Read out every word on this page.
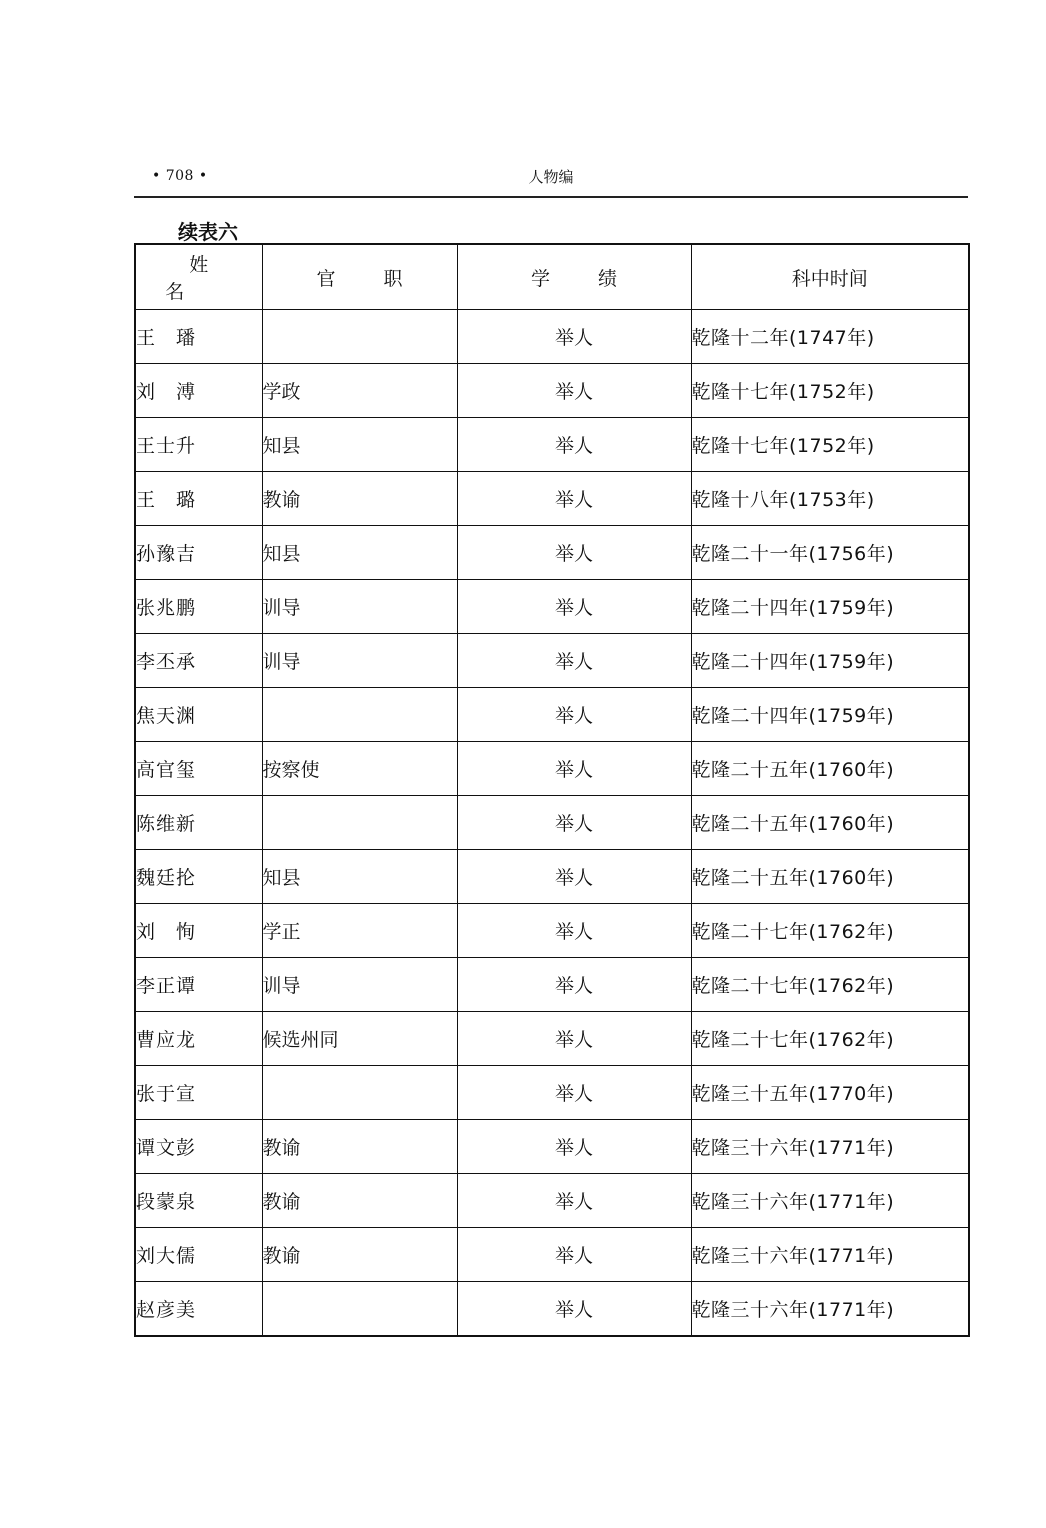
• 708 •	人物编
续表六
姓名	官职	学绩	科中时间
王　璠		举人	乾隆十二年(1747年)
刘　溥	学政	举人	乾隆十七年(1752年)
王士升	知县	举人	乾隆十七年(1752年)
王　璐	教谕	举人	乾隆十八年(1753年)
孙豫吉	知县	举人	乾隆二十一年(1756年)
张兆鹏	训导	举人	乾隆二十四年(1759年)
李丕承	训导	举人	乾隆二十四年(1759年)
焦天渊		举人	乾隆二十四年(1759年)
高官玺	按察使	举人	乾隆二十五年(1760年)
陈维新		举人	乾隆二十五年(1760年)
魏廷抡	知县	举人	乾隆二十五年(1760年)
刘　恂	学正	举人	乾隆二十七年(1762年)
李正谭	训导	举人	乾隆二十七年(1762年)
曹应龙	候选州同	举人	乾隆二十七年(1762年)
张于宣		举人	乾隆三十五年(1770年)
谭文彭	教谕	举人	乾隆三十六年(1771年)
段蒙泉	教谕	举人	乾隆三十六年(1771年)
刘大儒	教谕	举人	乾隆三十六年(1771年)
赵彦美		举人	乾隆三十六年(1771年)
